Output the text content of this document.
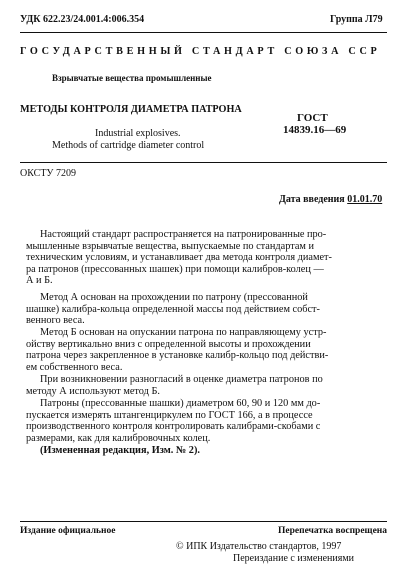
УДК 622.23/24.001.4:006.354	Группа Л79
ГОСУДАРСТВЕННЫЙ СТАНДАРТ СОЮЗА ССР
Взрывчатые вещества промышленные
МЕТОДЫ КОНТРОЛЯ ДИАМЕТРА ПАТРОНА
Industrial explosives.
Methods of cartridge diameter control
ГОСТ
14839.16—69
ОКСТУ 7209
Дата введения 01.01.70
Настоящий стандарт распространяется на патронированные про-
мышленные взрывчатые вещества, выпускаемые по стандартам и
техническим условиям, и устанавливает два метода контроля диамет-
ра патронов (прессованных шашек) при помощи калибров-колец —
А и Б.
Метод А основан на прохождении по патрону (прессованной
шашке) калибра-кольца определенной массы под действием собст-
венного веса.
Метод Б основан на опускании патрона по направляющему устр-
ойству вертикально вниз с определенной высоты и прохождении
патрона через закрепленное в установке калибр-кольцо под действи-
ем собственного веса.
При возникновении разногласий в оценке диаметра патронов по
методу А используют метод Б.
Патроны (прессованные шашки) диаметром 60, 90 и 120 мм до-
пускается измерять штангенциркулем по ГОСТ 166, а в процессе
производственного контроля контролировать калибрами-скобами с
размерами, как для калибровочных колец.
(Измененная редакция, Изм. № 2).
Издание официальное	Перепечатка воспрещена
© ИПК Издательство стандартов, 1997
Переиздание с изменениями
